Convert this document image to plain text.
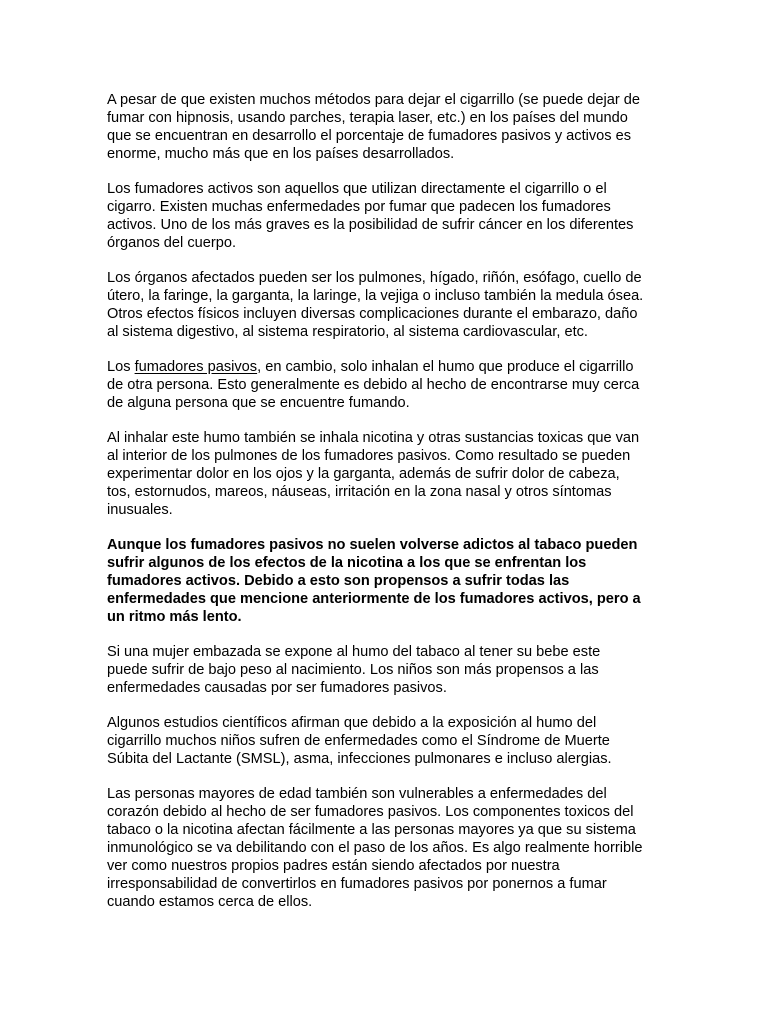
A pesar de que existen muchos métodos para dejar el cigarrillo (se puede dejar de
fumar con hipnosis, usando parches, terapia laser, etc.) en los países del mundo
que se encuentran en desarrollo el porcentaje de fumadores pasivos y activos es
enorme, mucho más que en los países desarrollados.
Los fumadores activos son aquellos que utilizan directamente el cigarrillo o el
cigarro. Existen muchas enfermedades por fumar que padecen los fumadores
activos. Uno de los más graves es la posibilidad de sufrir cáncer en los diferentes
órganos del cuerpo.
Los órganos afectados pueden ser los pulmones, hígado, riñón, esófago, cuello de
útero, la faringe, la garganta, la laringe, la vejiga o incluso también la medula ósea.
Otros efectos físicos incluyen diversas complicaciones durante el embarazo, daño
al sistema digestivo, al sistema respiratorio, al sistema cardiovascular, etc.
Los fumadores pasivos, en cambio, solo inhalan el humo que produce el cigarrillo
de otra persona. Esto generalmente es debido al hecho de encontrarse muy cerca
de alguna persona que se encuentre fumando.
Al inhalar este humo también se inhala nicotina y otras sustancias toxicas que van
al interior de los pulmones de los fumadores pasivos. Como resultado se pueden
experimentar dolor en los ojos y la garganta, además de sufrir dolor de cabeza,
tos, estornudos, mareos, náuseas, irritación en la zona nasal y otros síntomas
inusuales.
Aunque los fumadores pasivos no suelen volverse adictos al tabaco pueden
sufrir algunos de los efectos de la nicotina a los que se enfrentan los
fumadores activos. Debido a esto son propensos a sufrir todas las
enfermedades que mencione anteriormente de los fumadores activos, pero a
un ritmo más lento.
Si una mujer embazada se expone al humo del tabaco al tener su bebe este
puede sufrir de bajo peso al nacimiento. Los niños son más propensos a las
enfermedades causadas por ser fumadores pasivos.
Algunos estudios científicos afirman que debido a la exposición al humo del
cigarrillo muchos niños sufren de enfermedades como el Síndrome de Muerte
Súbita del Lactante (SMSL), asma, infecciones pulmonares e incluso alergias.
Las personas mayores de edad también son vulnerables a enfermedades del
corazón debido al hecho de ser fumadores pasivos. Los componentes toxicos del
tabaco o la nicotina afectan fácilmente a las personas mayores ya que su sistema
inmunológico se va debilitando con el paso de los años. Es algo realmente horrible
ver como nuestros propios padres están siendo afectados por nuestra
irresponsabilidad de convertirlos en fumadores pasivos por ponernos a fumar
cuando estamos cerca de ellos.
